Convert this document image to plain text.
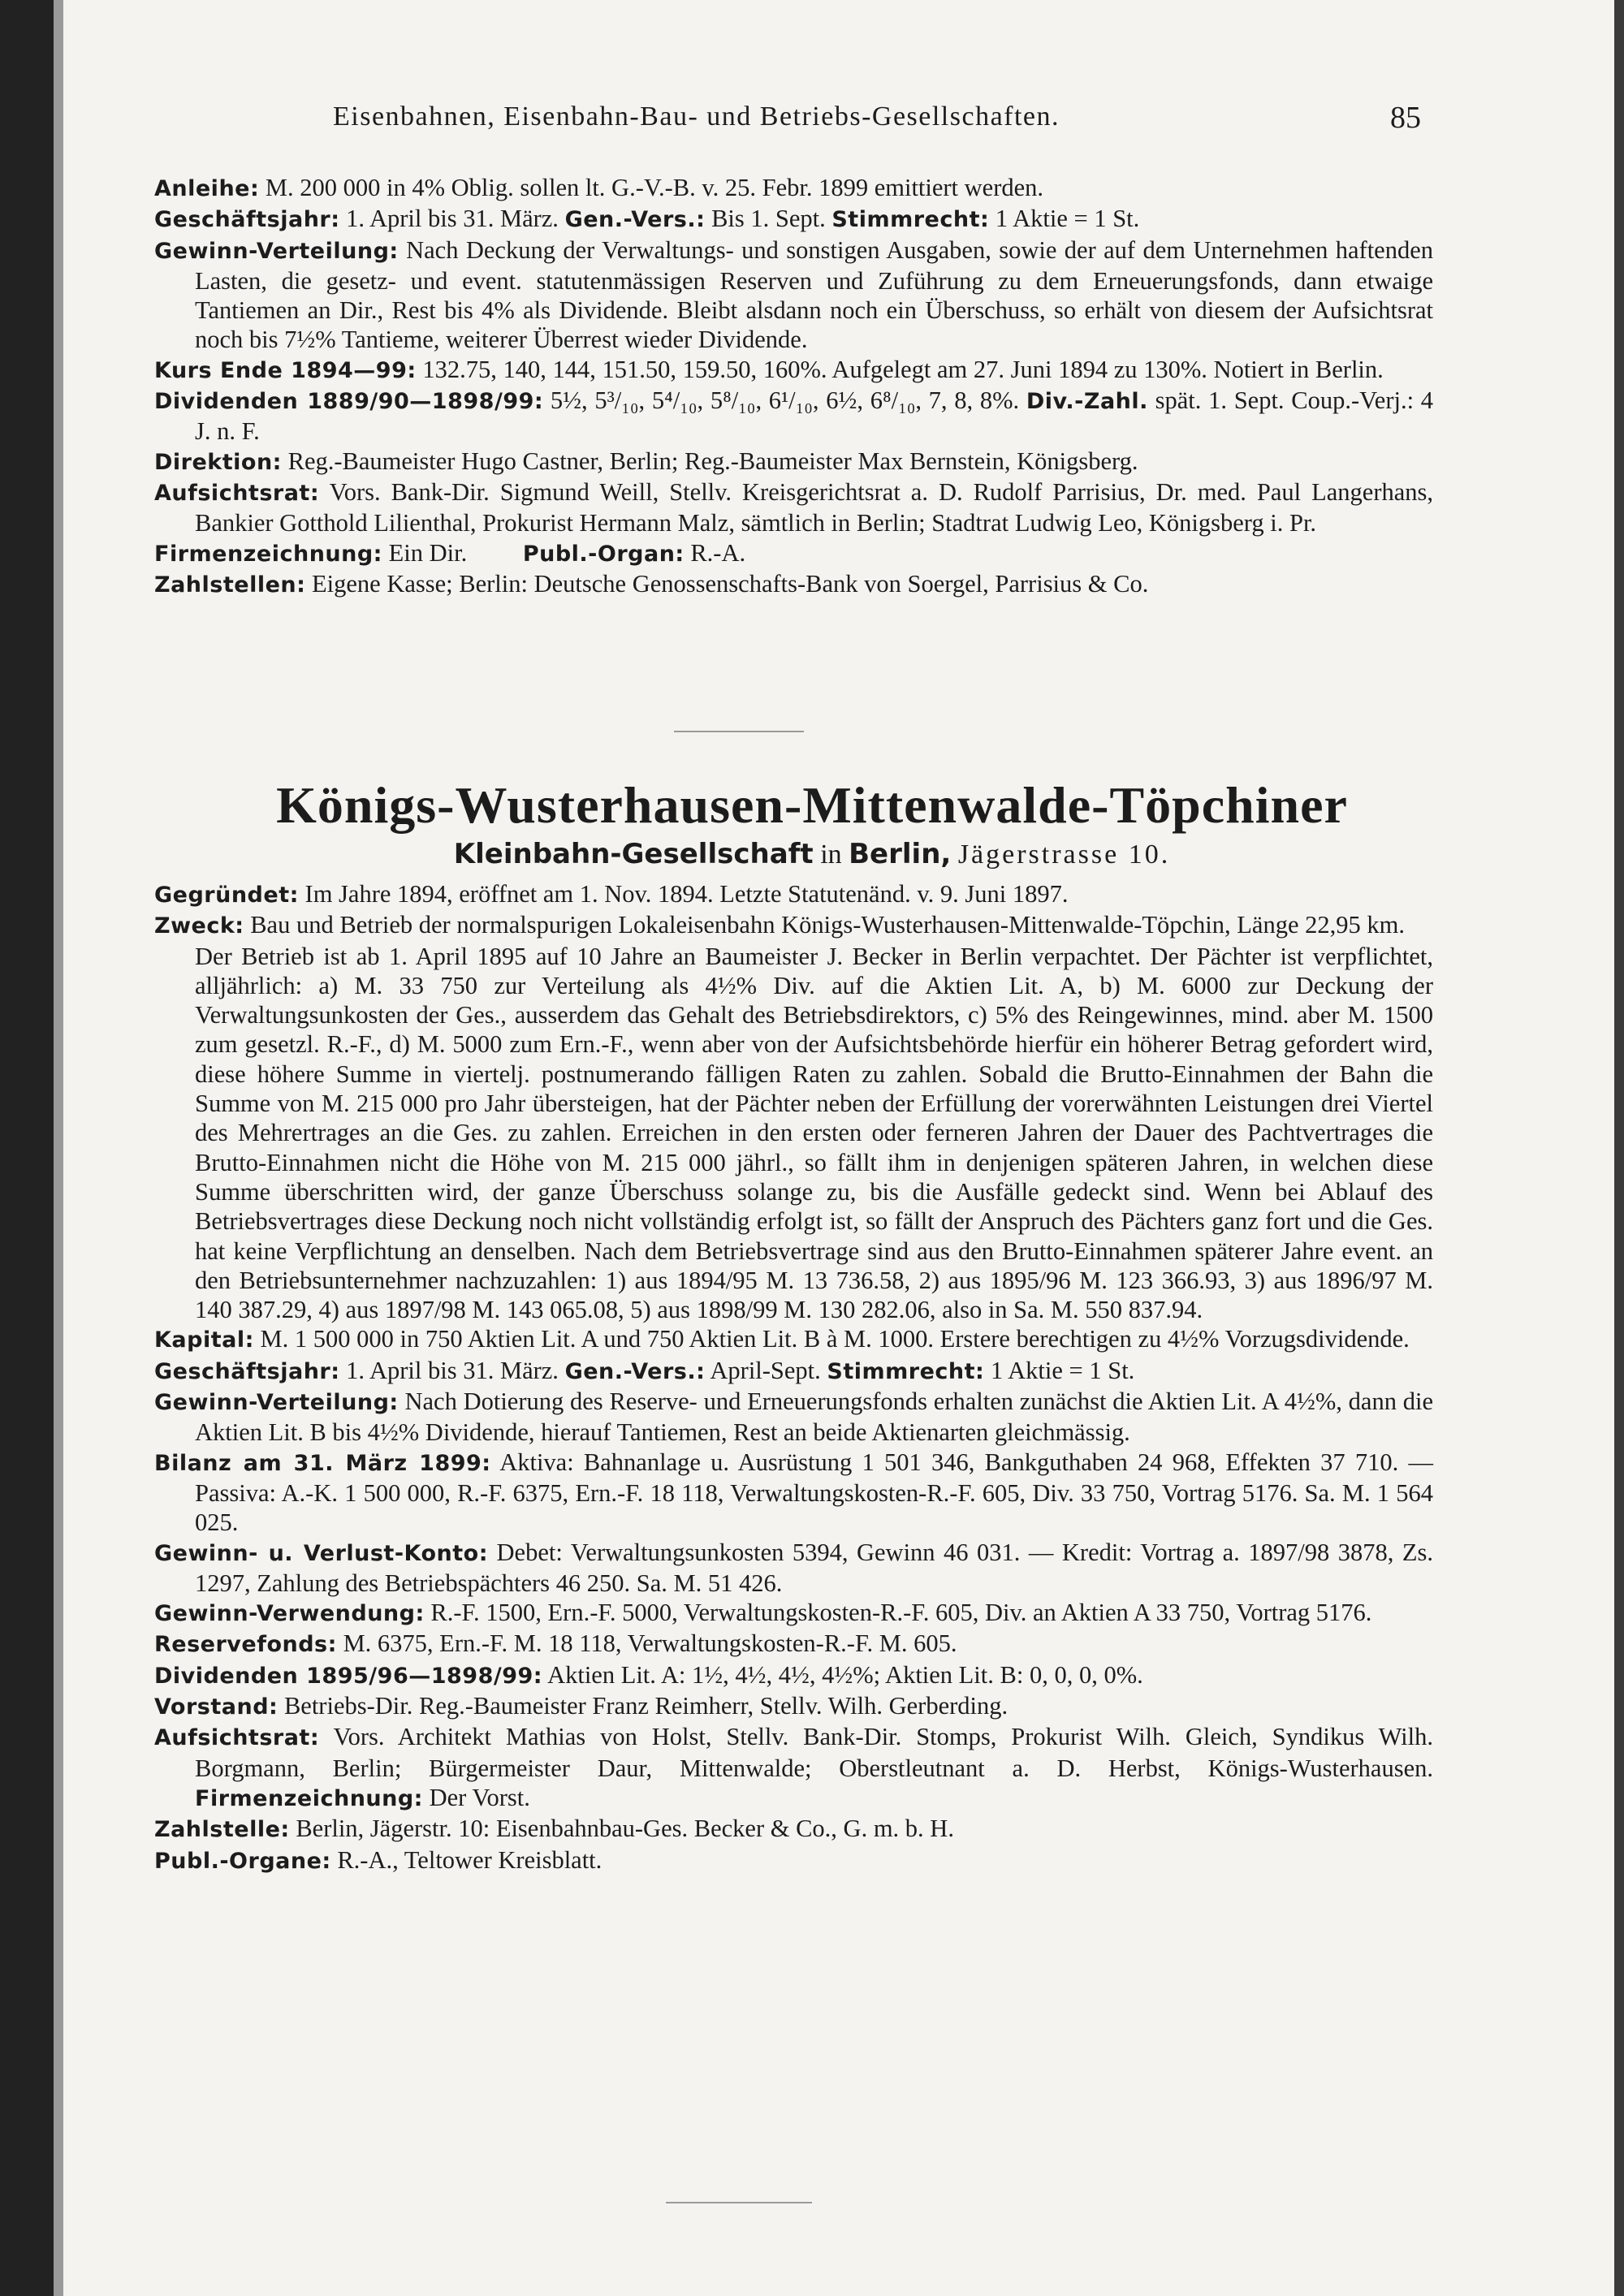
Eisenbahnen, Eisenbahn-Bau- und Betriebs-Gesellschaften.	85

Anleihe: M. 200 000 in 4% Oblig. sollen lt. G.-V.-B. v. 25. Febr. 1899 emittiert werden.

Geschäftsjahr: 1. April bis 31. März. Gen.-Vers.: Bis 1. Sept. Stimmrecht: 1 Aktie = 1 St.

Gewinn-Verteilung: Nach Deckung der Verwaltungs- und sonstigen Ausgaben, sowie der auf dem Unternehmen haftenden Lasten, die gesetz- und event. statutenmässigen Reserven und Zuführung zu dem Erneuerungsfonds, dann etwaige Tantiemen an Dir., Rest bis 4% als Dividende. Bleibt alsdann noch ein Überschuss, so erhält von diesem der Aufsichtsrat noch bis 7½% Tantieme, weiterer Überrest wieder Dividende.

Kurs Ende 1894—99: 132.75, 140, 144, 151.50, 159.50, 160%. Aufgelegt am 27. Juni 1894 zu 130%. Notiert in Berlin.

Dividenden 1889/90—1898/99: 5½, 5³/₁₀, 5⁴/₁₀, 5⁸/₁₀, 6¹/₁₀, 6½, 6⁸/₁₀, 7, 8, 8%. Div.-Zahl. spät. 1. Sept. Coup.-Verj.: 4 J. n. F.

Direktion: Reg.-Baumeister Hugo Castner, Berlin; Reg.-Baumeister Max Bernstein, Königsberg.

Aufsichtsrat: Vors. Bank-Dir. Sigmund Weill, Stellv. Kreisgerichtsrat a. D. Rudolf Parrisius, Dr. med. Paul Langerhans, Bankier Gotthold Lilienthal, Prokurist Hermann Malz, sämtlich in Berlin; Stadtrat Ludwig Leo, Königsberg i. Pr.

Firmenzeichnung: Ein Dir.	Publ.-Organ: R.-A.

Zahlstellen: Eigene Kasse; Berlin: Deutsche Genossenschafts-Bank von Soergel, Parrisius & Co.

Königs-Wusterhausen-Mittenwalde-Töpchiner
Kleinbahn-Gesellschaft in Berlin, Jägerstrasse 10.

Gegründet: Im Jahre 1894, eröffnet am 1. Nov. 1894. Letzte Statutenänd. v. 9. Juni 1897.

Zweck: Bau und Betrieb der normalspurigen Lokaleisenbahn Königs-Wusterhausen-Mittenwalde-Töpchin, Länge 22,95 km.

Der Betrieb ist ab 1. April 1895 auf 10 Jahre an Baumeister J. Becker in Berlin verpachtet. Der Pächter ist verpflichtet, alljährlich: a) M. 33 750 zur Verteilung als 4½% Div. auf die Aktien Lit. A, b) M. 6000 zur Deckung der Verwaltungsunkosten der Ges., ausserdem das Gehalt des Betriebsdirektors, c) 5% des Reingewinnes, mind. aber M. 1500 zum gesetzl. R.-F., d) M. 5000 zum Ern.-F., wenn aber von der Aufsichtsbehörde hierfür ein höherer Betrag gefordert wird, diese höhere Summe in viertelj. postnumerando fälligen Raten zu zahlen. Sobald die Brutto-Einnahmen der Bahn die Summe von M. 215 000 pro Jahr übersteigen, hat der Pächter neben der Erfüllung der vorerwähnten Leistungen drei Viertel des Mehrertrages an die Ges. zu zahlen. Erreichen in den ersten oder ferneren Jahren der Dauer des Pachtvertrages die Brutto-Einnahmen nicht die Höhe von M. 215 000 jährl., so fällt ihm in denjenigen späteren Jahren, in welchen diese Summe überschritten wird, der ganze Überschuss solange zu, bis die Ausfälle gedeckt sind. Wenn bei Ablauf des Betriebsvertrages diese Deckung noch nicht vollständig erfolgt ist, so fällt der Anspruch des Pächters ganz fort und die Ges. hat keine Verpflichtung an denselben. Nach dem Betriebsvertrage sind aus den Brutto-Einnahmen späterer Jahre event. an den Betriebsunternehmer nachzuzahlen: 1) aus 1894/95 M. 13 736.58, 2) aus 1895/96 M. 123 366.93, 3) aus 1896/97 M. 140 387.29, 4) aus 1897/98 M. 143 065.08, 5) aus 1898/99 M. 130 282.06, also in Sa. M. 550 837.94.

Kapital: M. 1 500 000 in 750 Aktien Lit. A und 750 Aktien Lit. B à M. 1000. Erstere berechtigen zu 4½% Vorzugsdividende.

Geschäftsjahr: 1. April bis 31. März. Gen.-Vers.: April-Sept. Stimmrecht: 1 Aktie = 1 St.

Gewinn-Verteilung: Nach Dotierung des Reserve- und Erneuerungsfonds erhalten zunächst die Aktien Lit. A 4½%, dann die Aktien Lit. B bis 4½% Dividende, hierauf Tantiemen, Rest an beide Aktienarten gleichmässig.

Bilanz am 31. März 1899: Aktiva: Bahnanlage u. Ausrüstung 1 501 346, Bankguthaben 24 968, Effekten 37 710. — Passiva: A.-K. 1 500 000, R.-F. 6375, Ern.-F. 18 118, Verwaltungskosten-R.-F. 605, Div. 33 750, Vortrag 5176. Sa. M. 1 564 025.

Gewinn- u. Verlust-Konto: Debet: Verwaltungsunkosten 5394, Gewinn 46 031. — Kredit: Vortrag a. 1897/98 3878, Zs. 1297, Zahlung des Betriebspächters 46 250. Sa. M. 51 426.

Gewinn-Verwendung: R.-F. 1500, Ern.-F. 5000, Verwaltungskosten-R.-F. 605, Div. an Aktien A 33 750, Vortrag 5176.

Reservefonds: M. 6375, Ern.-F. M. 18 118, Verwaltungskosten-R.-F. M. 605.

Dividenden 1895/96—1898/99: Aktien Lit. A: 1½, 4½, 4½, 4½%; Aktien Lit. B: 0, 0, 0, 0%.

Vorstand: Betriebs-Dir. Reg.-Baumeister Franz Reimherr, Stellv. Wilh. Gerberding.

Aufsichtsrat: Vors. Architekt Mathias von Holst, Stellv. Bank-Dir. Stomps, Prokurist Wilh. Gleich, Syndikus Wilh. Borgmann, Berlin; Bürgermeister Daur, Mittenwalde; Oberstleutnant a. D. Herbst, Königs-Wusterhausen. Firmenzeichnung: Der Vorst.

Zahlstelle: Berlin, Jägerstr. 10: Eisenbahnbau-Ges. Becker & Co., G. m. b. H.

Publ.-Organe: R.-A., Teltower Kreisblatt.
